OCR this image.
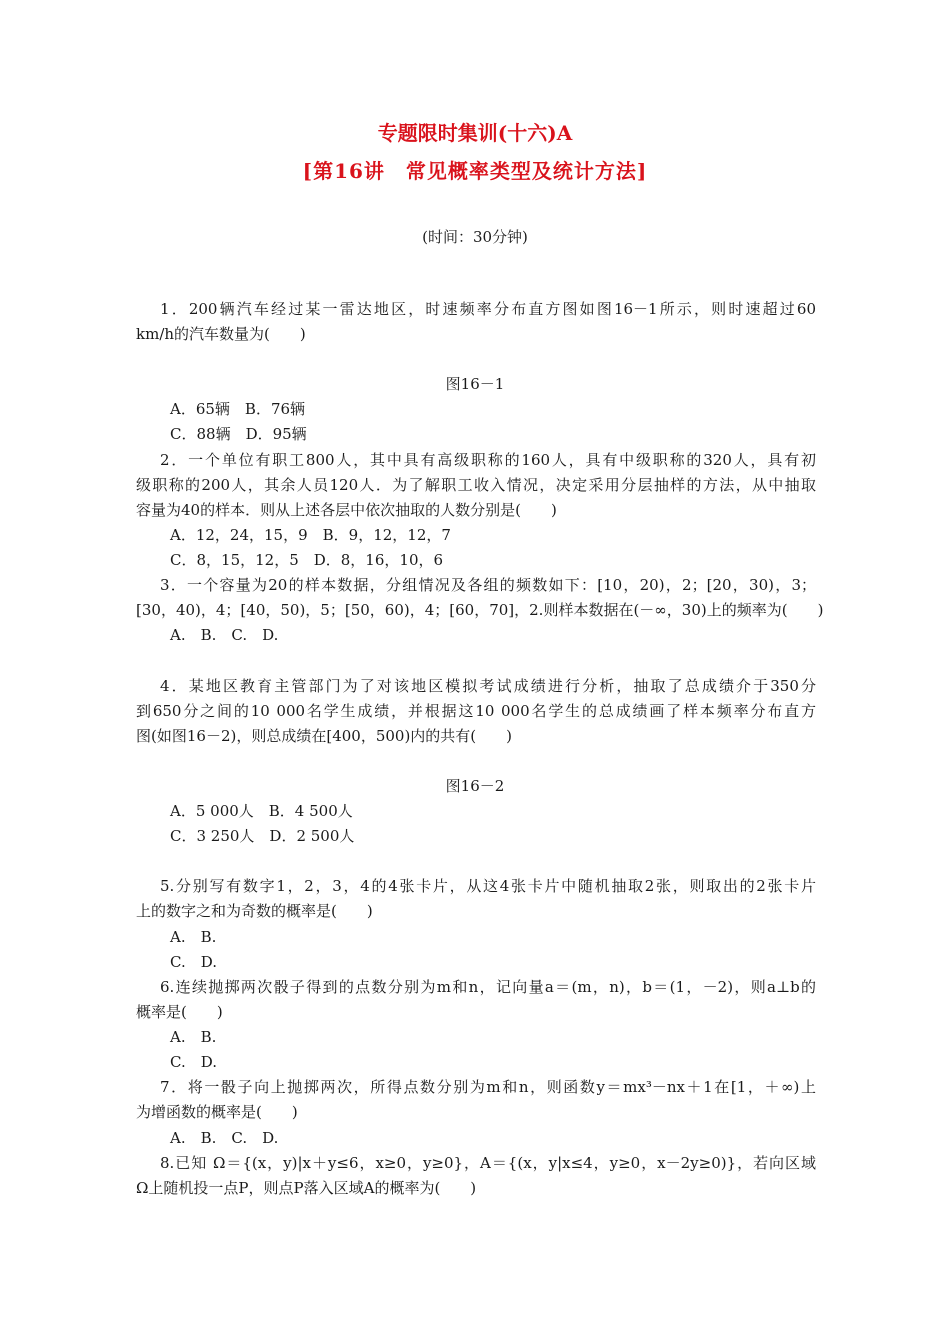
专题限时集训(十六)A
[第16讲　常见概率类型及统计方法]
(时间：30分钟)
1．200辆汽车经过某一雷达地区，时速频率分布直方图如图16－1所示，则时速超过60
km/h的汽车数量为(　　)
图16－1
A．65辆　B．76辆
C．88辆　D．95辆
2．一个单位有职工800人，其中具有高级职称的160人，具有中级职称的320人，具有初
级职称的200人，其余人员120人．为了解职工收入情况，决定采用分层抽样的方法，从中抽取
容量为40的样本．则从上述各层中依次抽取的人数分别是(　　)
A．12，24，15，9　B．9，12，12，7
C．8，15，12，5　D．8，16，10，6
3．一个容量为20的样本数据，分组情况及各组的频数如下：[10，20)，2；[20，30)，3；
[30，40)，4；[40，50)，5；[50，60)，4；[60，70]，2.则样本数据在(－∞，30)上的频率为(　　)
A.　B.　C.　D.
4．某地区教育主管部门为了对该地区模拟考试成绩进行分析，抽取了总成绩介于350分
到650分之间的10 000名学生成绩，并根据这10 000名学生的总成绩画了样本频率分布直方
图(如图16－2)，则总成绩在[400，500)内的共有(　　)
图16－2
A．5 000人　B．4 500人
C．3 250人　D．2 500人
5.分别写有数字1，2，3，4的4张卡片，从这4张卡片中随机抽取2张，则取出的2张卡片
上的数字之和为奇数的概率是(　　)
A.　B.
C.　D.
6.连续抛掷两次骰子得到的点数分别为m和n，记向量a＝(m，n)，b＝(1，－2)，则a⊥b的
概率是(　　)
A.　B.
C.　D.
7．将一骰子向上抛掷两次，所得点数分别为m和n，则函数y＝mx³－nx＋1在[1，＋∞)上
为增函数的概率是(　　)
A.　B.　C.　D.
8.已知 Ω＝{(x，y)|x＋y≤6，x≥0，y≥0}，A＝{(x，y|x≤4，y≥0，x－2y≥0)}，若向区域
Ω上随机投一点P，则点P落入区域A的概率为(　　)
